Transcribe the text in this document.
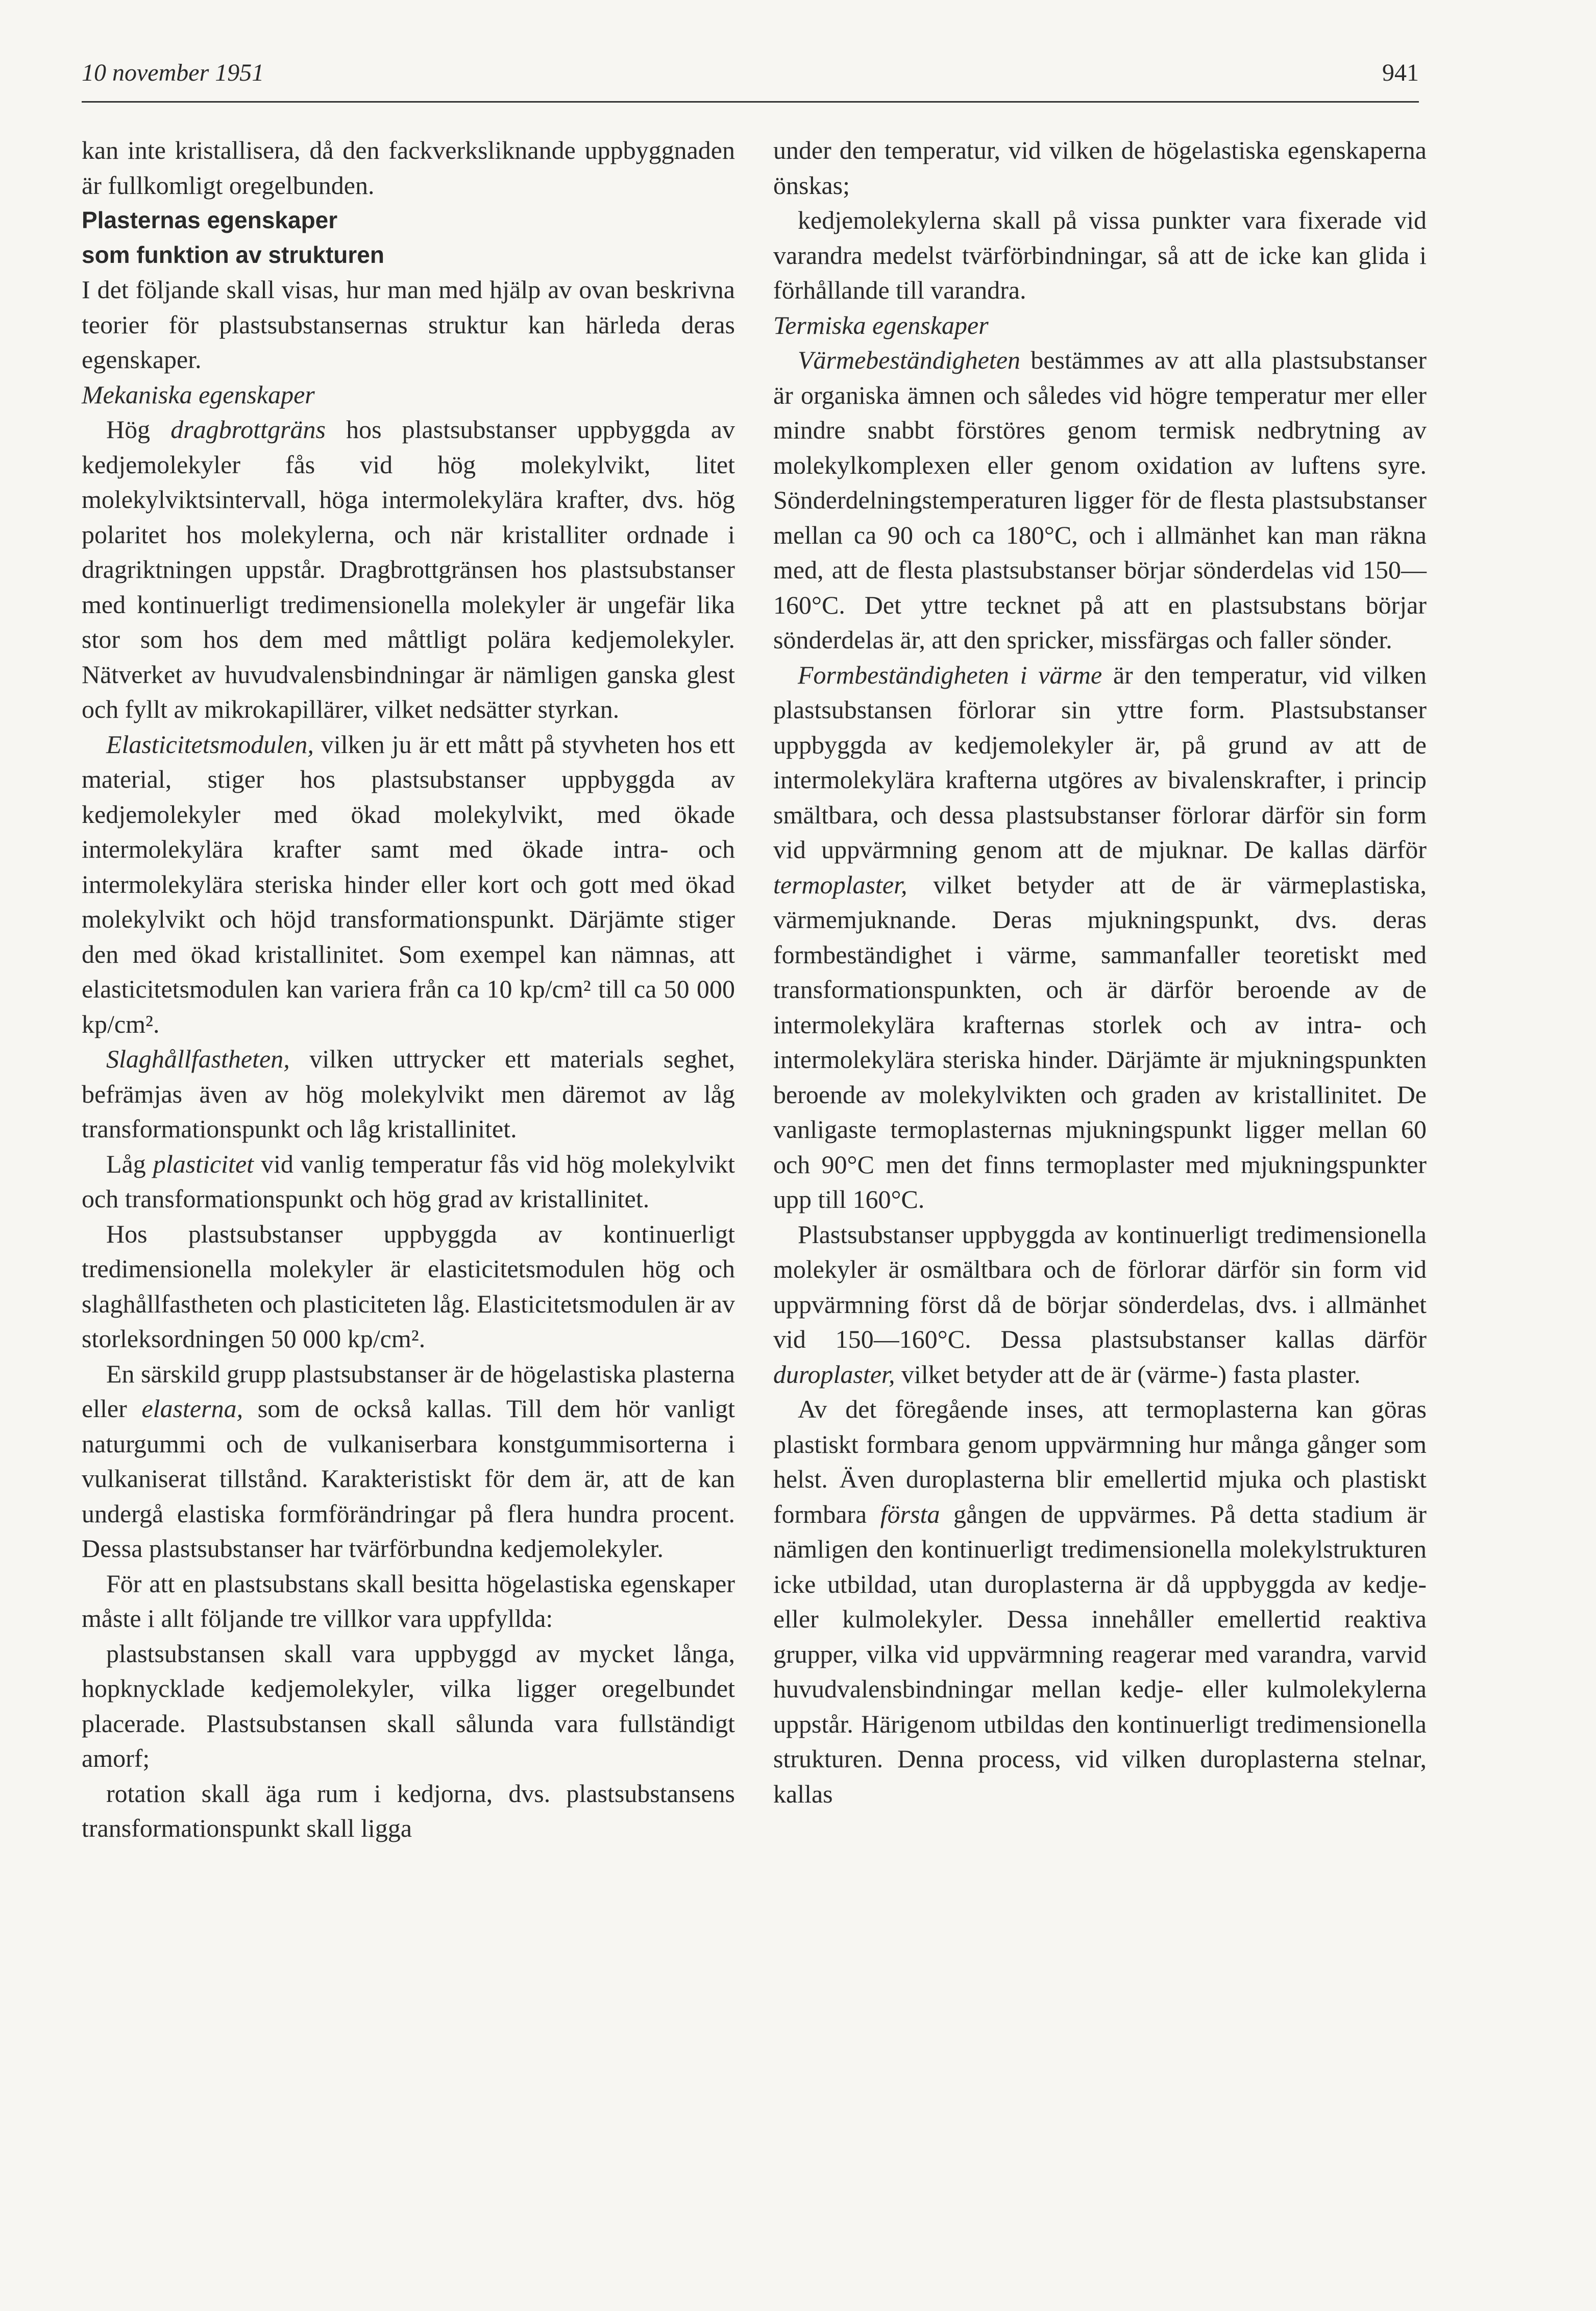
10 november 1951	941

kan inte kristallisera, då den fackverksliknande uppbyggnaden är fullkomligt oregelbunden.

Plasternas egenskaper
som funktion av strukturen

I det följande skall visas, hur man med hjälp av ovan beskrivna teorier för plastsubstansernas struktur kan härleda deras egenskaper.

Mekaniska egenskaper

Hög dragbrottgräns hos plastsubstanser uppbyggda av kedjemolekyler fås vid hög molekylvikt, litet molekylviktsintervall, höga intermolekylära krafter, dvs. hög polaritet hos molekylerna, och när kristalliter ordnade i dragriktningen uppstår. Dragbrottgränsen hos plastsubstanser med kontinuerligt tredimensionella molekyler är ungefär lika stor som hos dem med måttligt polära kedjemolekyler. Nätverket av huvudvalensbindningar är nämligen ganska glest och fyllt av mikrokapillärer, vilket nedsätter styrkan.

Elasticitetsmodulen, vilken ju är ett mått på styvheten hos ett material, stiger hos plastsubstanser uppbyggda av kedjemolekyler med ökad molekylvikt, med ökade intermolekylära krafter samt med ökade intra- och intermolekylära steriska hinder eller kort och gott med ökad molekylvikt och höjd transformationspunkt. Därjämte stiger den med ökad kristallinitet. Som exempel kan nämnas, att elasticitetsmodulen kan variera från ca 10 kp/cm² till ca 50 000 kp/cm².

Slaghållfastheten, vilken uttrycker ett materials seghet, befrämjas även av hög molekylvikt men däremot av låg transformationspunkt och låg kristallinitet.

Låg plasticitet vid vanlig temperatur fås vid hög molekylvikt och transformationspunkt och hög grad av kristallinitet.

Hos plastsubstanser uppbyggda av kontinuerligt tredimensionella molekyler är elasticitetsmodulen hög och slaghållfastheten och plasticiteten låg. Elasticitetsmodulen är av storleksordningen 50 000 kp/cm².

En särskild grupp plastsubstanser är de högelastiska plasterna eller elasterna, som de också kallas. Till dem hör vanligt naturgummi och de vulkaniserbara konstgummisorterna i vulkaniserat tillstånd. Karakteristiskt för dem är, att de kan undergå elastiska formförändringar på flera hundra procent. Dessa plastsubstanser har tvärförbundna kedjemolekyler.

För att en plastsubstans skall besitta högelastiska egenskaper måste i allt följande tre villkor vara uppfyllda:

plastsubstansen skall vara uppbyggd av mycket långa, hopknycklade kedjemolekyler, vilka ligger oregelbundet placerade. Plastsubstansen skall sålunda vara fullständigt amorf;

rotation skall äga rum i kedjorna, dvs. plastsubstansens transformationspunkt skall ligga

under den temperatur, vid vilken de högelastiska egenskaperna önskas;

kedjemolekylerna skall på vissa punkter vara fixerade vid varandra medelst tvärförbindningar, så att de icke kan glida i förhållande till varandra.

Termiska egenskaper

Värmebeständigheten bestämmes av att alla plastsubstanser är organiska ämnen och således vid högre temperatur mer eller mindre snabbt förstöres genom termisk nedbrytning av molekylkomplexen eller genom oxidation av luftens syre. Sönderdelningstemperaturen ligger för de flesta plastsubstanser mellan ca 90 och ca 180°C, och i allmänhet kan man räkna med, att de flesta plastsubstanser börjar sönderdelas vid 150—160°C. Det yttre tecknet på att en plastsubstans börjar sönderdelas är, att den spricker, missfärgas och faller sönder.

Formbeständigheten i värme är den temperatur, vid vilken plastsubstansen förlorar sin yttre form. Plastsubstanser uppbyggda av kedjemolekyler är, på grund av att de intermolekylära krafterna utgöres av bivalenskrafter, i princip smältbara, och dessa plastsubstanser förlorar därför sin form vid uppvärmning genom att de mjuknar. De kallas därför termoplaster, vilket betyder att de är värmeplastiska, värmemjuknande. Deras mjukningspunkt, dvs. deras formbeständighet i värme, sammanfaller teoretiskt med transformationspunkten, och är därför beroende av de intermolekylära krafternas storlek och av intra- och intermolekylära steriska hinder. Därjämte är mjukningspunkten beroende av molekylvikten och graden av kristallinitet. De vanligaste termoplasternas mjukningspunkt ligger mellan 60 och 90°C men det finns termoplaster med mjukningspunkter upp till 160°C.

Plastsubstanser uppbyggda av kontinuerligt tredimensionella molekyler är osmältbara och de förlorar därför sin form vid uppvärmning först då de börjar sönderdelas, dvs. i allmänhet vid 150—160°C. Dessa plastsubstanser kallas därför duroplaster, vilket betyder att de är (värme-) fasta plaster.

Av det föregående inses, att termoplasterna kan göras plastiskt formbara genom uppvärmning hur många gånger som helst. Även duroplasterna blir emellertid mjuka och plastiskt formbara första gången de uppvärmes. På detta stadium är nämligen den kontinuerligt tredimensionella molekylstrukturen icke utbildad, utan duroplasterna är då uppbyggda av kedje- eller kulmolekyler. Dessa innehåller emellertid reaktiva grupper, vilka vid uppvärmning reagerar med varandra, varvid huvudvalensbindningar mellan kedje- eller kulmolekylerna uppstår. Härigenom utbildas den kontinuerligt tredimensionella strukturen. Denna process, vid vilken duroplasterna stelnar, kallas
